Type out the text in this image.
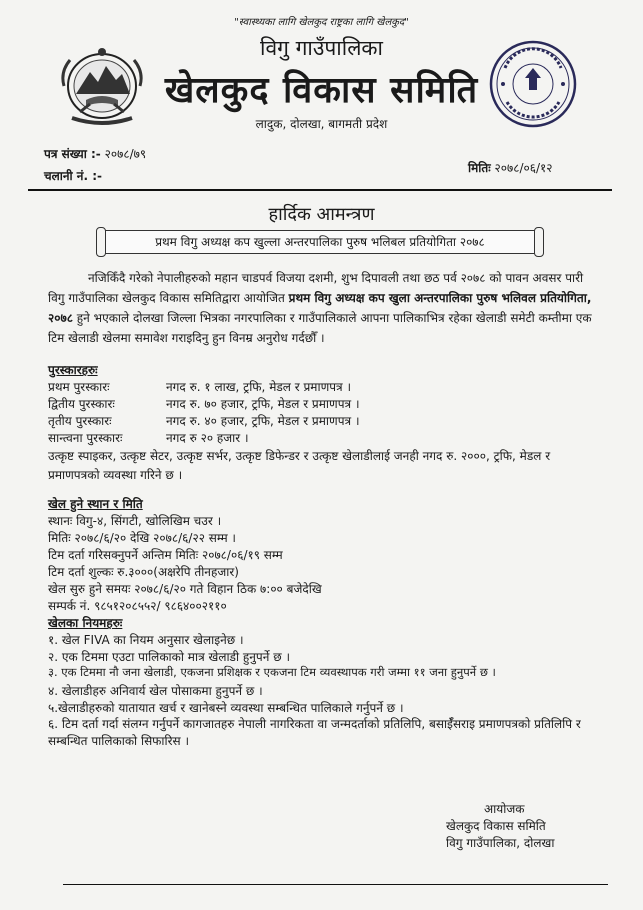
"स्वास्थ्यका लागि खेलकुद राष्ट्रका लागि खेलकुद"
विगु गाउँपालिका
खेलकुद विकास समिति
लादुक, दोलखा, बागमती प्रदेश
पत्र संख्या :- २०७८/७९
चलानी नं. :-
मितिः २०७८/०६/१२
हार्दिक आमन्त्रण
प्रथम विगु अध्यक्ष कप खुल्ला अन्तरपालिका पुरुष भलिबल प्रतियोगिता २०७८
नजिकिँदै गरेको नेपालीहरुको महान चाडपर्व विजया दशमी, शुभ दिपावली तथा छठ पर्व २०७८ को पावन अवसर पारी विगु गाउँपालिका खेलकुद विकास समितिद्वारा आयोजित प्रथम विगु अध्यक्ष कप खुला अन्तरपालिका पुरुष भलिवल प्रतियोगिता, २०७८ हुने भएकाले दोलखा जिल्ला भित्रका नगरपालिका र गाउँपालिकाले आपना पालिकाभित्र रहेका खेलाडी समेटी कम्तीमा एक टिम खेलाडी खेलमा समावेश गराइदिनु हुन विनम्र अनुरोध गर्दछौँ ।
पुरस्कारहरुः
प्रथम पुरस्कारः	नगद रु. १ लाख, ट्रफि, मेडल र प्रमाणपत्र ।
द्वितीय पुरस्कारः	नगद रु. ७० हजार, ट्रफि, मेडल र प्रमाणपत्र ।
तृतीय पुरस्कारः	नगद रु. ४० हजार, ट्रफि, मेडल र प्रमाणपत्र ।
सान्त्वना पुरस्कारः	नगद रु २० हजार ।
उत्कृष्ट स्पाइकर, उत्कृष्ट सेटर, उत्कृष्ट सर्भर, उत्कृष्ट डिफेन्डर र उत्कृष्ट खेलाडीलाई जनही नगद रु. २०००, ट्रफि, मेडल र प्रमाणपत्रको व्यवस्था गरिने छ ।
खेल हुने स्थान र मिति
स्थानः विगु-४, सिंगटी, खोलिखिम चउर ।
मितिः २०७८/६/२० देखि २०७८/६/२२ सम्म ।
टिम दर्ता गरिसक्नुपर्ने अन्तिम मितिः २०७८/०६/१९ सम्म
टिम दर्ता शुल्कः रु.३०००(अक्षरेपि तीनहजार)
खेल सुरु हुने समयः २०७८/६/२० गते विहान ठिक ७:०० बजेदेखि
सम्पर्क नं. ९८५१२०८५५२/ ९८६४००२११०
खेलका नियमहरुः
१. खेल FIVA का नियम अनुसार खेलाइनेछ ।
२. एक टिममा एउटा पालिकाको मात्र खेलाडी हुनुपर्ने छ ।
३. एक टिममा नौ जना खेलाडी, एकजना प्रशिक्षक र एकजना टिम व्यवस्थापक गरी जम्मा ११ जना हुनुपर्ने छ ।
४. खेलाडीहरु अनिवार्य खेल पोसाकमा हुनुपर्ने छ ।
५.खेलाडीहरुको यातायात खर्च र खानेबस्ने व्यवस्था सम्बन्धित पालिकाले गर्नुपर्ने छ ।
६. टिम दर्ता गर्दा संलग्न गर्नुपर्ने कागजातहरु नेपाली नागरिकता वा जन्मदर्ताको प्रतिलिपि, बसाईँसराइ प्रमाणपत्रको प्रतिलिपि र सम्बन्धित पालिकाको सिफारिस ।
आयोजक
खेलकुद विकास समिति
विगु गाउँपालिका, दोलखा
